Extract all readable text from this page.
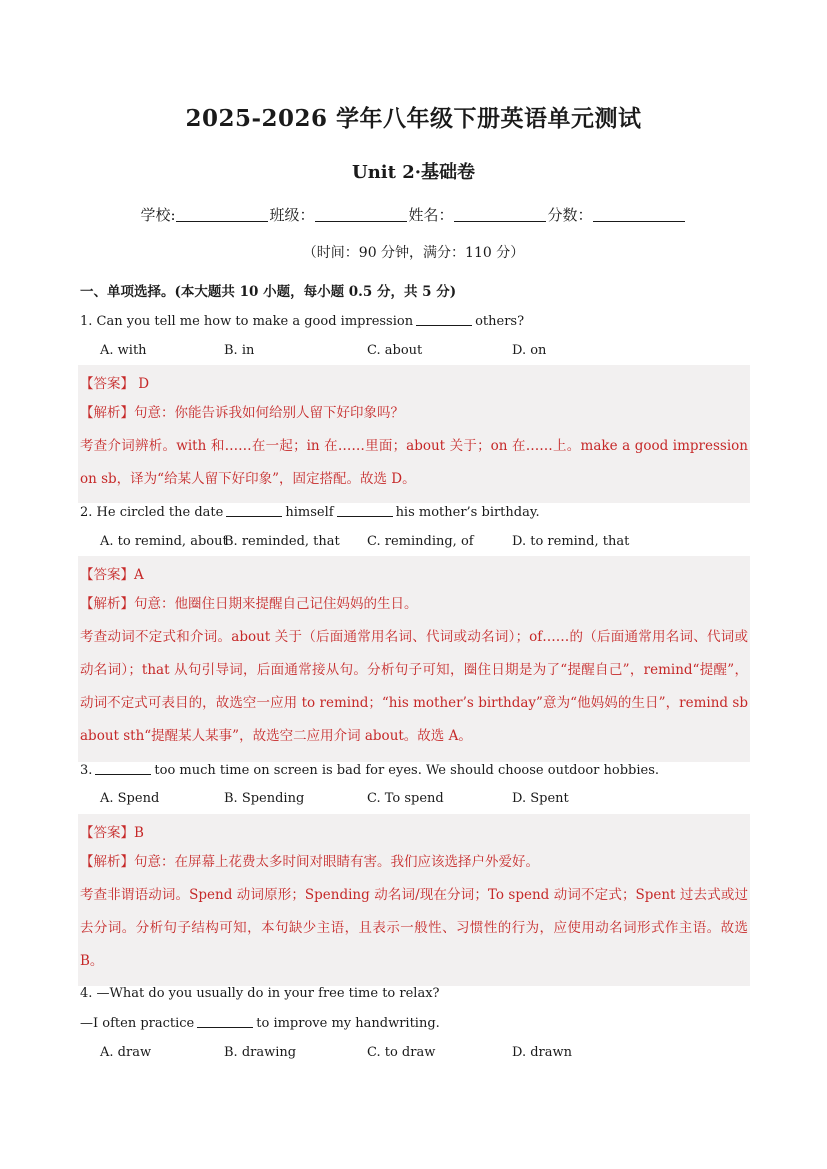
2025-2026 学年八年级下册英语单元测试
Unit 2·基础卷
学校:	班级：	姓名：	分数：
（时间：90 分钟，满分：110 分）
一、单项选择。(本大题共 10 小题，每小题 0.5 分，共 5 分)
1. Can you tell me how to make a good impression	others?
A. with	B. in	C. about	D. on
【答案】 D

【解析】句意：你能告诉我如何给别人留下好印象吗？

考查介词辨析。with 和……在一起；in 在……里面；about 关于；on 在……上。make a good impression on sb，译为“给某人留下好印象”，固定搭配。故选 D。

2. He circled the date	himself	his mother’s birthday.
A. to remind, about
B. reminded, that C. reminding, of	D. to remind, that
【答案】A

【解析】句意：他圈住日期来提醒自己记住妈妈的生日。

考查动词不定式和介词。about 关于（后面通常用名词、代词或动名词）；of……的（后面通常用名词、代词或动名词）；that 从句引导词，后面通常接从句。分析句子可知，圈住日期是为了“提醒自己”，remind“提醒”，动词不定式可表目的，故选空一应用 to remind；“his mother’s birthday”意为“他妈妈的生日”，remind sb about sth“提醒某人某事”，故选空二应用介词 about。故选 A。

3.	too much time on screen is bad for eyes. We should choose outdoor hobbies.
A. Spend	B. Spending	C. To spend	D. Spent
【答案】B

【解析】句意：在屏幕上花费太多时间对眼睛有害。我们应该选择户外爱好。

考查非谓语动词。Spend 动词原形；Spending 动名词/现在分词；To spend 动词不定式；Spent 过去式或过去分词。分析句子结构可知，本句缺少主语，且表示一般性、习惯性的行为，应使用动名词形式作主语。故选 B。

4. —What do you usually do in your free time to relax?
—I often practice	to improve my handwriting.
A. draw	B. drawing	C. to draw	D. drawn
